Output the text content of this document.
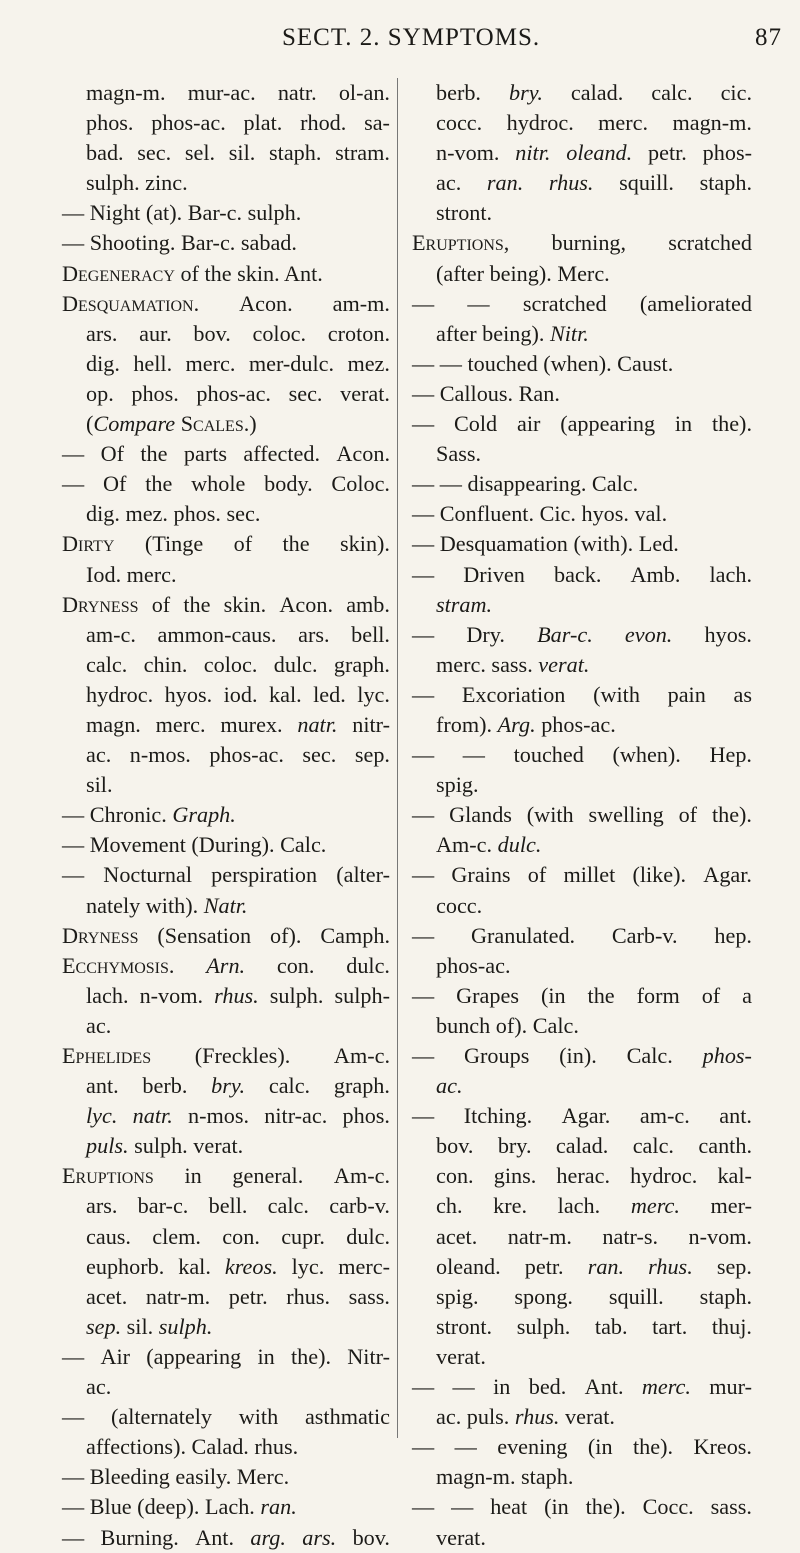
SECT. 2. SYMPTOMS.	87
magn-m. mur-ac. natr. ol-an.
phos. phos-ac. plat. rhod. sa-
bad. sec. sel. sil. staph. stram.
sulph. zinc.
— Night (at). Bar-c. sulph.
— Shooting. Bar-c. sabad.
Degeneracy of the skin. Ant.
Desquamation. Acon. am-m.
ars. aur. bov. coloc. croton.
dig. hell. merc. mer-dulc. mez.
op. phos. phos-ac. sec. verat.
( Compare Scales. )
— Of the parts affected. Acon.
— Of the whole body. Coloc.
dig. mez. phos. sec.
Dirty (Tinge of the skin).
Iod. merc.
Dryness of the skin. Acon. amb.
am-c. ammon-caus. ars. bell.
calc. chin. coloc. dulc. graph.
hydroc. hyos. iod. kal. led. lyc.
magn. merc. murex. natr. nitr-
ac. n-mos. phos-ac. sec. sep.
sil.
— Chronic. Graph.
— Movement (During). Calc.
— Nocturnal perspiration (alter-
nately with). Natr.
Dryness (Sensation of). Camph.
Ecchymosis. Arn. con. dulc.
lach. n-vom. rhus. sulph. sulph-
ac.
Ephelides (Freckles). Am-c.
ant. berb. bry. calc. graph.
lyc. natr. n-mos. nitr-ac. phos.
puls. sulph. verat.
Eruptions in general. Am-c.
ars. bar-c. bell. calc. carb-v.
caus. clem. con. cupr. dulc.
euphorb. kal. kreos. lyc. merc-
acet. natr-m. petr. rhus. sass.
sep. sil. sulph.
— Air (appearing in the). Nitr-
ac.
— (alternately with asthmatic
affections). Calad. rhus.
— Bleeding easily. Merc.
— Blue (deep). Lach. ran.
— Burning. Ant. arg. ars. bov.
berb. bry. calad. calc. cic.
cocc. hydroc. merc. magn-m.
n-vom. nitr. oleand. petr. phos-
ac. ran. rhus. squill. staph.
stront.
Eruptions, burning, scratched
(after being). Merc.
— — scratched (ameliorated
after being). Nitr.
— — touched (when). Caust.
— Callous. Ran.
— Cold air (appearing in the).
Sass.
— — disappearing. Calc.
— Confluent. Cic. hyos. val.
— Desquamation (with). Led.
— Driven back. Amb. lach.
stram.
— Dry. Bar-c. evon. hyos.
merc. sass. verat.
— Excoriation (with pain as
from). Arg. phos-ac.
— — touched (when). Hep.
spig.
— Glands (with swelling of the).
Am-c. dulc.
— Grains of millet (like). Agar.
cocc.
— Granulated. Carb-v. hep.
phos-ac.
— Grapes (in the form of a
bunch of). Calc.
— Groups (in). Calc. phos-
ac.
— Itching. Agar. am-c. ant.
bov. bry. calad. calc. canth.
con. gins. herac. hydroc. kal-
ch. kre. lach. merc. mer-
acet. natr-m. natr-s. n-vom.
oleand. petr. ran. rhus. sep.
spig. spong. squill. staph.
stront. sulph. tab. tart. thuj.
verat.
— — in bed. Ant. merc. mur-
ac. puls. rhus. verat.
— — evening (in the). Kreos.
magn-m. staph.
— — heat (in the). Cocc. sass.
verat.
